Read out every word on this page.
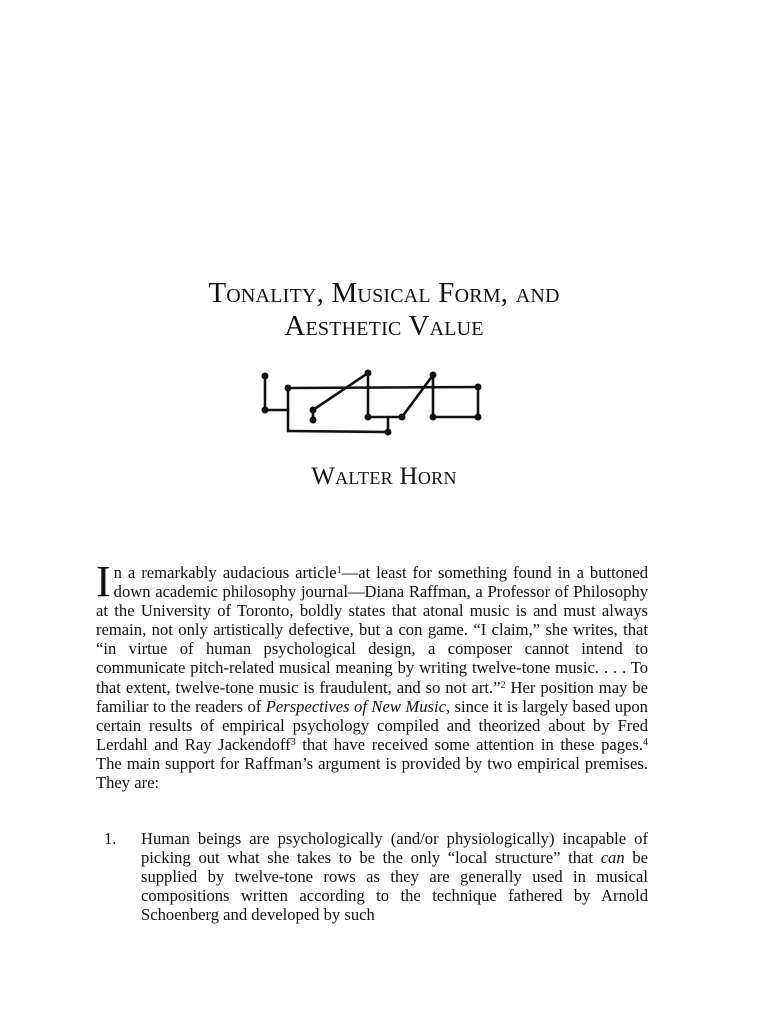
Tonality, Musical Form, and
Aesthetic Value
Walter Horn
In a remarkably audacious article$^1$—at least for something found in a buttoned down academic philosophy journal—Diana Raffman, a Professor of Philosophy at the University of Toronto, boldly states that atonal music is and must always remain, not only artistically defective, but a con game. “I claim,” she writes, that “in virtue of human psychological design, a composer cannot intend to communicate pitch-related musical meaning by writing twelve-tone music. . . . To that extent, twelve-tone music is fraudulent, and so not art.”$^2$ Her position may be familiar to the readers of Perspectives of New Music, since it is largely based upon certain results of empirical psychology compiled and theorized about by Fred Lerdahl and Ray Jackendoff$^3$ that have received some attention in these pages.$^4$ The main support for Raffman’s argument is provided by two empirical premises. They are:
1.	Human beings are psychologically (and/or physiologically) incapable of picking out what she takes to be the only “local structure” that can be supplied by twelve-tone rows as they are generally used in musical compositions written according to the technique fathered by Arnold Schoenberg and developed by such
